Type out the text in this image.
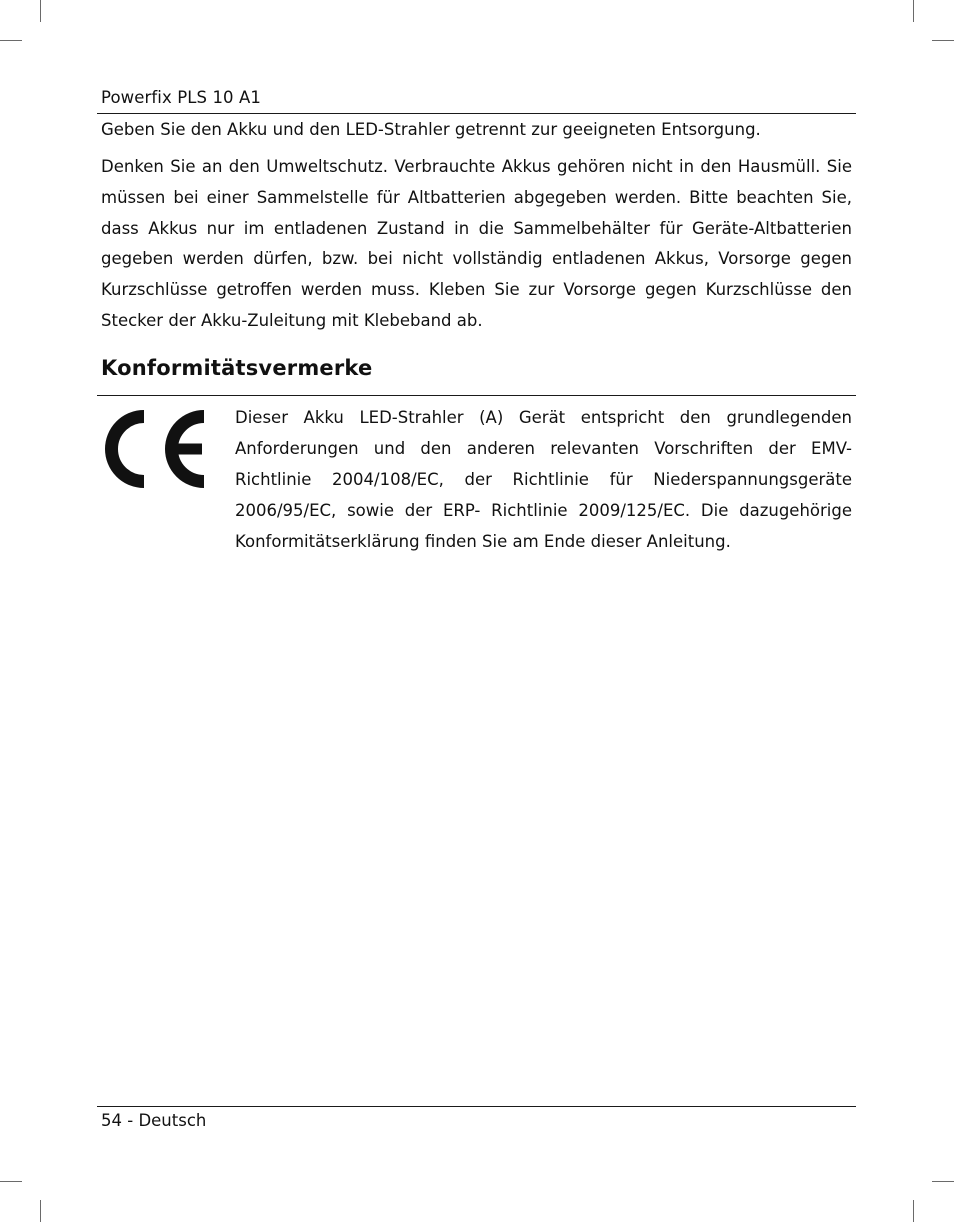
Powerfix PLS 10 A1

Geben Sie den Akku und den LED-Strahler getrennt zur geeigneten Entsorgung.

Denken Sie an den Umweltschutz. Verbrauchte Akkus gehören nicht in den Hausmüll. Sie müssen bei einer Sammelstelle für Altbatterien abgegeben werden. Bitte beachten Sie, dass Akkus nur im entladenen Zustand in die Sammelbehälter für Geräte-Altbatterien gegeben werden dürfen, bzw. bei nicht vollständig entladenen Akkus, Vorsorge gegen Kurzschlüsse getroffen werden muss. Kleben Sie zur Vorsorge gegen Kurzschlüsse den Stecker der Akku-Zuleitung mit Klebeband ab.

Konformitätsvermerke

Dieser Akku LED-Strahler (A) Gerät entspricht den grundlegenden Anforderungen und den anderen relevanten Vorschriften der EMV-Richtlinie 2004/108/EC, der Richtlinie für Niederspannungsgeräte 2006/95/EC, sowie der ERP- Richtlinie 2009/125/EC. Die dazugehörige Konformitätserklärung finden Sie am Ende dieser Anleitung.

54 - Deutsch
